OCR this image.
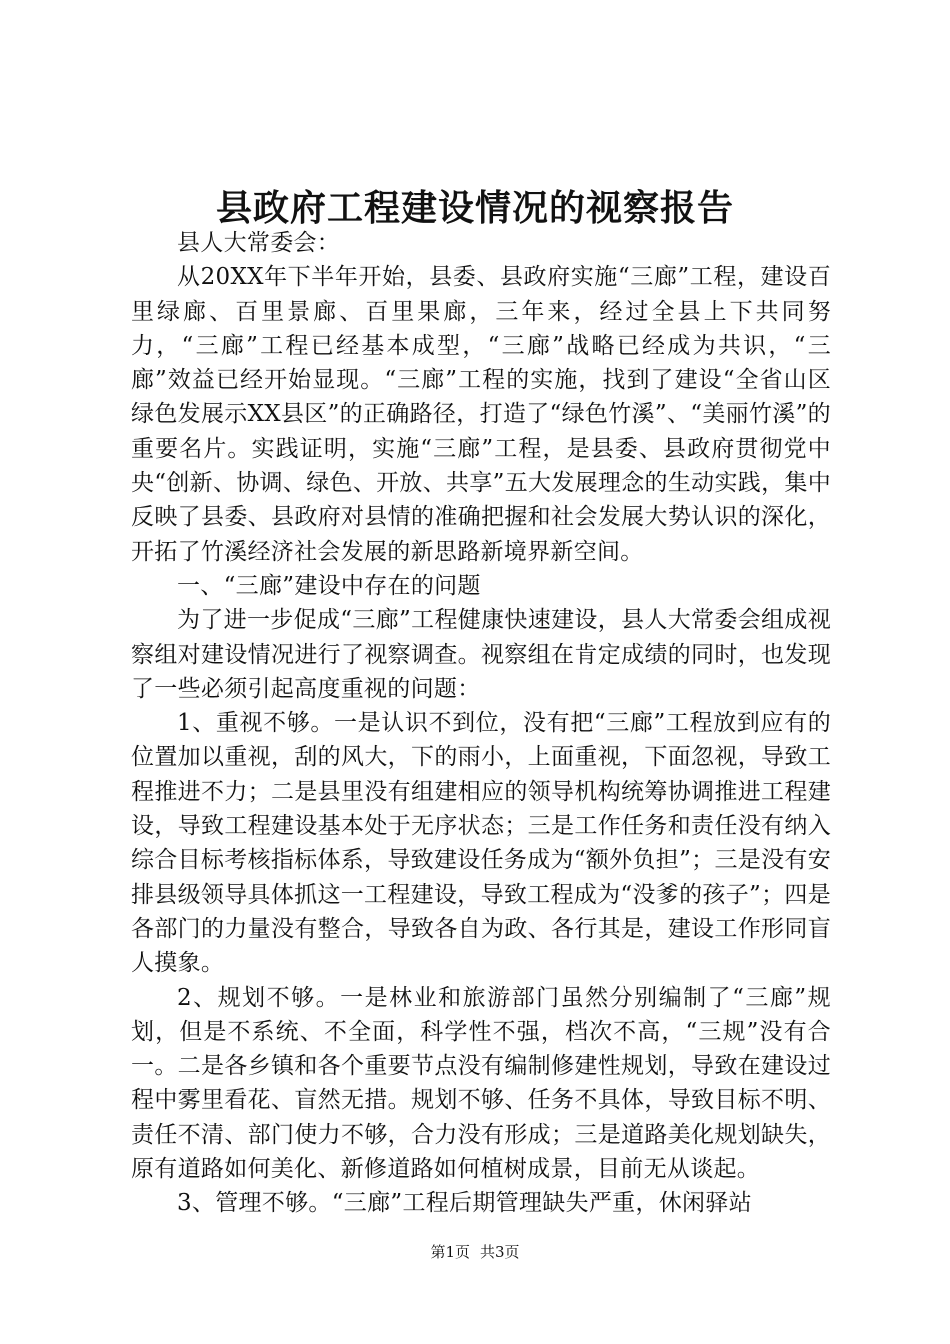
县政府工程建设情况的视察报告

县人大常委会：

从20XX年下半年开始，县委、县政府实施“三廊”工程，建设百里绿廊、百里景廊、百里果廊，三年来，经过全县上下共同努力，“三廊”工程已经基本成型，“三廊”战略已经成为共识，“三廊”效益已经开始显现。“三廊”工程的实施，找到了建设“全省山区绿色发展示XX县区”的正确路径，打造了“绿色竹溪”、“美丽竹溪”的重要名片。实践证明，实施“三廊”工程，是县委、县政府贯彻党中央“创新、协调、绿色、开放、共享”五大发展理念的生动实践，集中反映了县委、县政府对县情的准确把握和社会发展大势认识的深化，开拓了竹溪经济社会发展的新思路新境界新空间。

一、“三廊”建设中存在的问题

为了进一步促成“三廊”工程健康快速建设，县人大常委会组成视察组对建设情况进行了视察调查。视察组在肯定成绩的同时，也发现了一些必须引起高度重视的问题：

1、重视不够。一是认识不到位，没有把“三廊”工程放到应有的位置加以重视，刮的风大，下的雨小，上面重视，下面忽视，导致工程推进不力；二是县里没有组建相应的领导机构统筹协调推进工程建设，导致工程建设基本处于无序状态；三是工作任务和责任没有纳入综合目标考核指标体系，导致建设任务成为“额外负担”；三是没有安排县级领导具体抓这一工程建设，导致工程成为“没爹的孩子”；四是各部门的力量没有整合，导致各自为政、各行其是，建设工作形同盲人摸象。

2、规划不够。一是林业和旅游部门虽然分别编制了“三廊”规划，但是不系统、不全面，科学性不强，档次不高，“三规”没有合一。二是各乡镇和各个重要节点没有编制修建性规划，导致在建设过程中雾里看花、盲然无措。规划不够、任务不具体，导致目标不明、责任不清、部门使力不够，合力没有形成；三是道路美化规划缺失，原有道路如何美化、新修道路如何植树成景，目前无从谈起。

3、管理不够。“三廊”工程后期管理缺失严重，休闲驿站

第1页 共3页
